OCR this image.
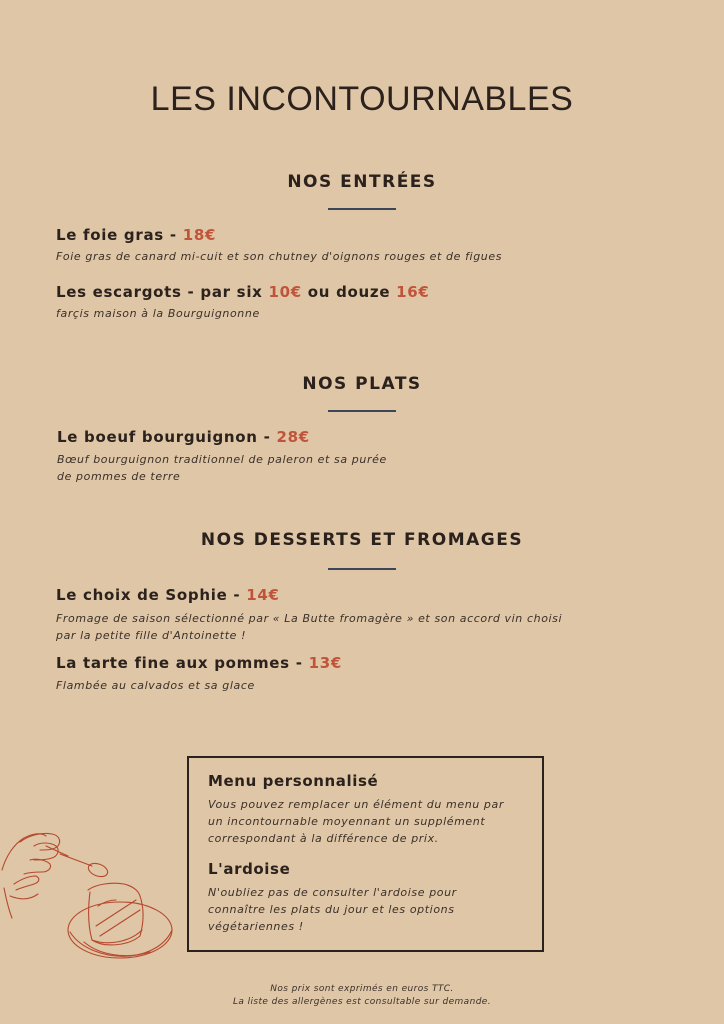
LES INCONTOURNABLES
NOS ENTRÉES
Le foie gras - 18€
Foie gras de canard mi-cuit et son chutney d'oignons rouges et de figues
Les escargots - par six 10€ ou douze 16€
farçis maison à la Bourguignonne
NOS PLATS
Le boeuf bourguignon - 28€
Bœuf bourguignon traditionnel de paleron et sa purée
de pommes de terre
NOS DESSERTS ET FROMAGES
Le choix de Sophie - 14€
Fromage de saison sélectionné par « La Butte fromagère » et son accord vin choisi
par la petite fille d'Antoinette !
La tarte fine aux pommes - 13€
Flambée au calvados et sa glace
Menu personnalisé
Vous pouvez remplacer un élément du menu par
un incontournable moyennant un supplément
correspondant à la différence de prix.
L'ardoise
N'oubliez pas de consulter l'ardoise pour
connaître les plats du jour et les options
végétariennes !
Nos prix sont exprimés en euros TTC.
La liste des allergènes est consultable sur demande.
